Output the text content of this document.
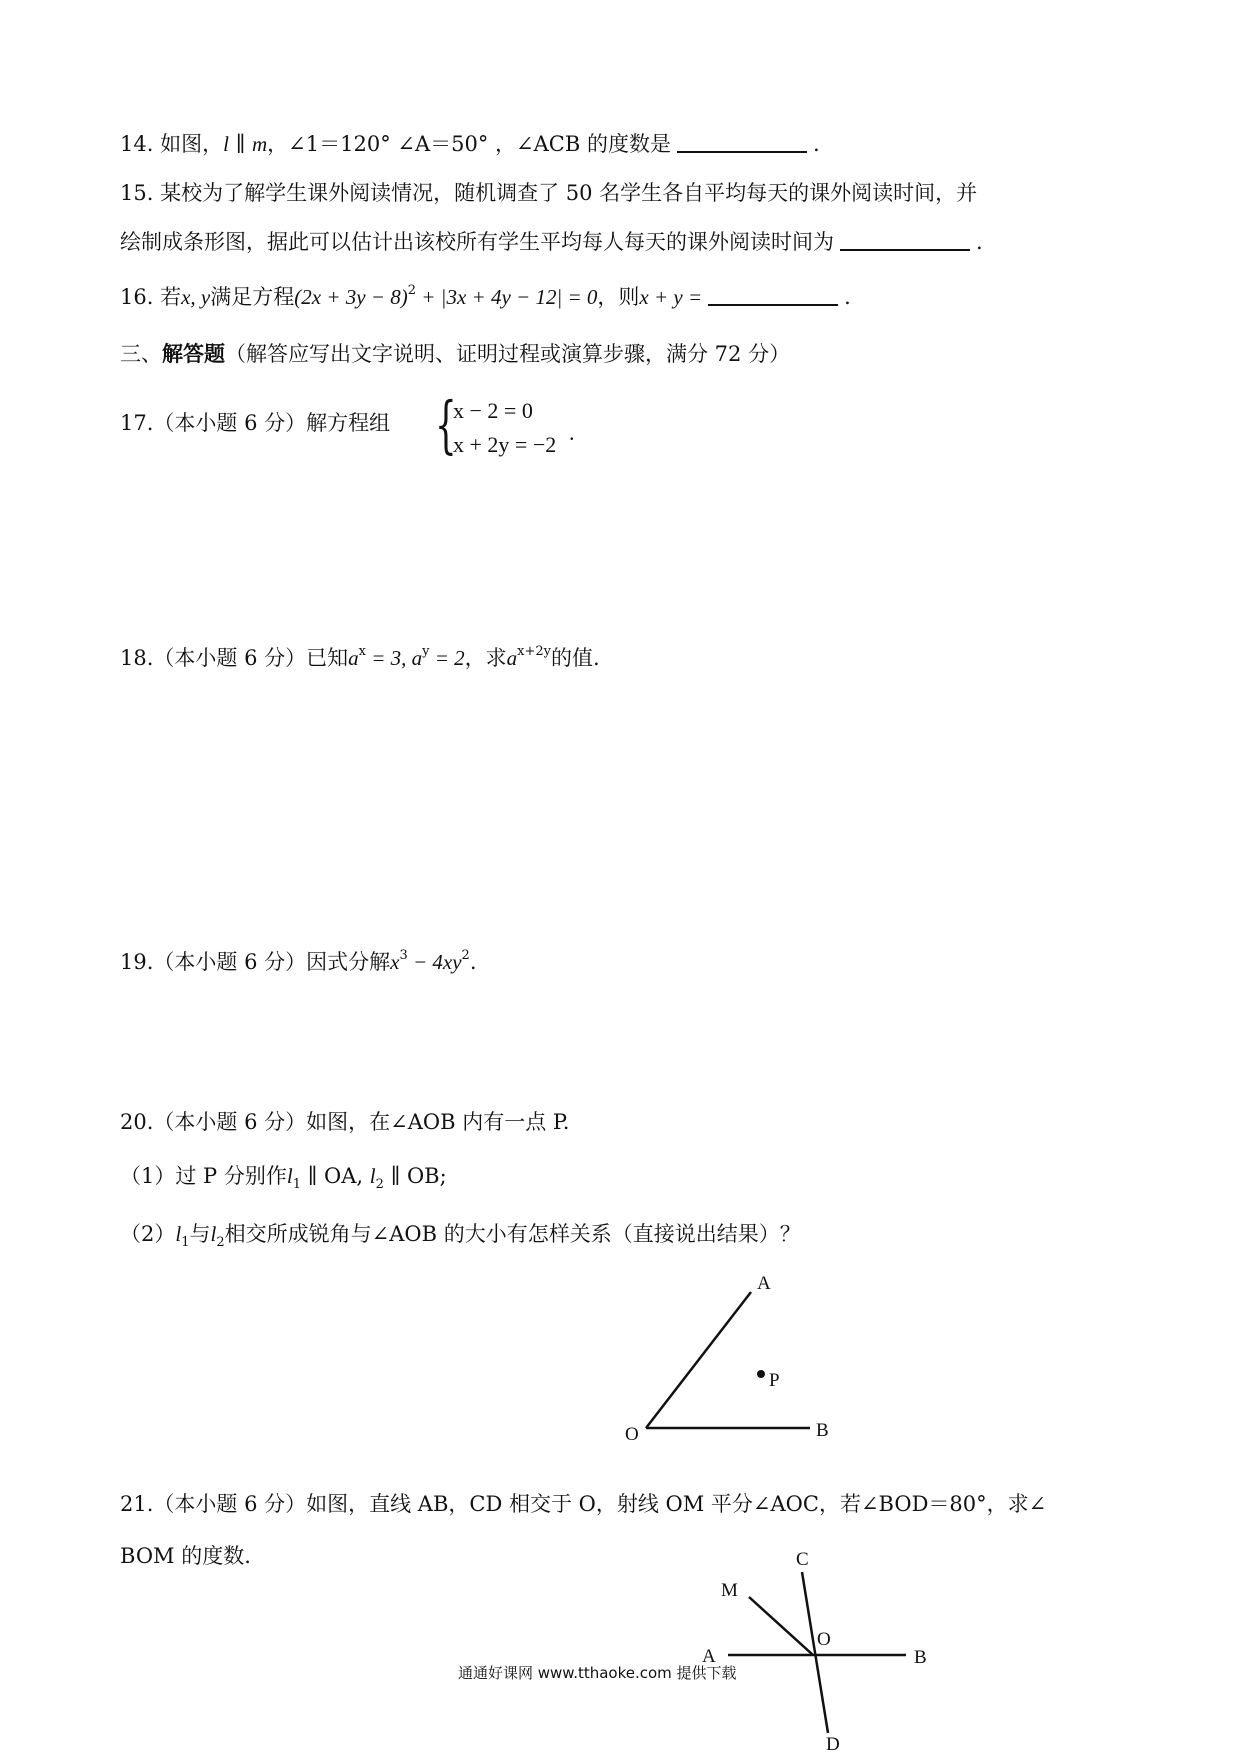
14. 如图，l ∥ m，∠1＝120° ∠A＝50° ，∠ACB 的度数是	.
15. 某校为了解学生课外阅读情况，随机调查了 50 名学生各自平均每天的课外阅读时间，并
绘制成条形图，据此可以估计出该校所有学生平均每人每天的课外阅读时间为	.
16. 若x, y满足方程$(2x + 3y - 8)^2 + |3x + 4y - 12| = 0$，则x + y =	.
三、解答题（解答应写出文字说明、证明过程或演算步骤，满分 72 分）
17.（本小题 6 分）解方程组 {
x − 2 = 0
x + 2y = −2 .
18.（本小题 6 分）已知$a^x = 3$, $a^y = 2$，求$a^{x+2y}$的值.
19.（本小题 6 分）因式分解$x^3 - 4xy^2$.
20.（本小题 6 分）如图，在∠AOB 内有一点 P.
（1）过 P 分别作$l_1$ ∥ OA, $l_2$ ∥ OB;
$(2)l_1$与$l_2$相交所成锐角与∠AOB 的大小有怎样关系（直接说出结果）？
A
B
O
P
21.（本小题 6 分）如图，直线 AB，CD 相交于 O，射线 OM 平分∠AOC，若∠BOD＝80°，求∠
BOM 的度数.	C
M
A
O
B
D
通通好课网 www.tthaoke.com 提供下载
